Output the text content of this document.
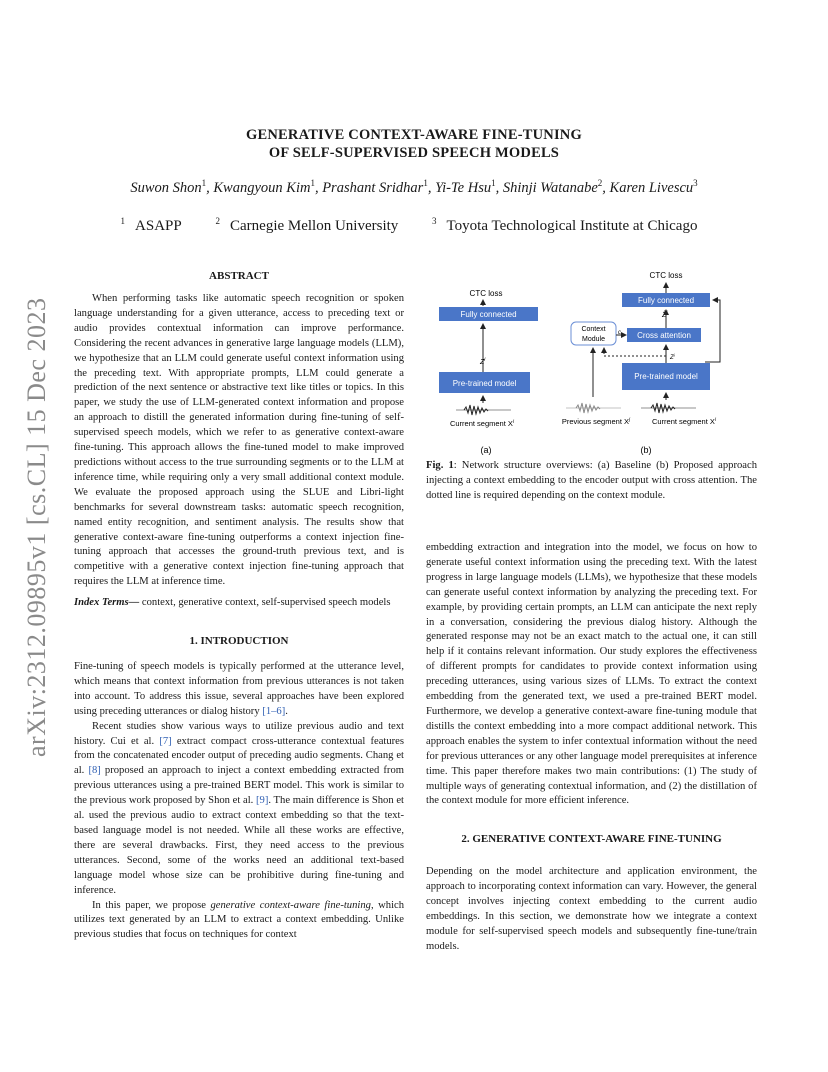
arXiv:2312.09895v1 [cs.CL] 15 Dec 2023
GENERATIVE CONTEXT-AWARE FINE-TUNING
OF SELF-SUPERVISED SPEECH MODELS
Suwon Shon$^1$, Kwangyoun Kim$^1$, Prashant Sridhar$^1$, Yi-Te Hsu$^1$, Shinji Watanabe$^2$, Karen Livescu$^3$
$^1$ ASAPP	$^2$ Carnegie Mellon University	$^3$ Toyota Technological Institute at Chicago
ABSTRACT

When performing tasks like automatic speech recognition or spoken language understanding for a given utterance, access to preceding text or audio provides contextual information can improve performance. Considering the recent advances in generative large language models (LLM), we hypothesize that an LLM could generate useful context information using the preceding text. With appropriate prompts, LLM could generate a prediction of the next sentence or abstractive text like titles or topics. In this paper, we study the use of LLM-generated context information and propose an approach to distill the generated information during fine-tuning of self-supervised speech models, which we refer to as generative context-aware fine-tuning. This approach allows the fine-tuned model to make improved predictions without access to the true surrounding segments or to the LLM at inference time, while requiring only a very small additional context module. We evaluate the proposed approach using the SLUE and Libri-light benchmarks for several downstream tasks: automatic speech recognition, named entity recognition, and sentiment analysis. The results show that generative context-aware fine-tuning outperforms a context injection fine-tuning approach that accesses the ground-truth previous text, and is competitive with a generative context injection fine-tuning approach that requires the LLM at inference time.

Index Terms— context, generative context, self-supervised speech models

1. INTRODUCTION

Fine-tuning of speech models is typically performed at the utterance level, which means that context information from previous utterances is not taken into account. To address this issue, several approaches have been explored using preceding utterances or dialog history [1–6].

Recent studies show various ways to utilize previous audio and text history. Cui et al. [7] extract compact cross-utterance contextual features from the concatenated encoder output of preceding audio segments. Chang et al. [8] proposed an approach to inject a context embedding extracted from previous utterances using a pre-trained BERT model. This work is similar to the previous work proposed by Shon et al. [9]. The main difference is Shon et al. used the previous audio to extract context embedding so that the text-based language model is not needed. While all these works are effective, there are several drawbacks. First, they need access to the previous utterances. Second, some of the works need an additional text-based language model whose size can be prohibitive during fine-tuning and inference.

In this paper, we propose generative context-aware fine-tuning, which utilizes text generated by an LLM to extract a context embedding. Unlike previous studies that focus on techniques for context

CTC loss
Fully connected
$Z^i$
Pre-trained model
Current segment $X^i$
(a)
CTC loss
Fully connected
Ẑ$^i$
Context
Module
c Cross attention
$Z^i$
Pre-trained model
Previous segment $X^j$	Current segment $X^i$
(b)
Fig. 1: Network structure overviews: (a) Baseline (b) Proposed approach injecting a context embedding to the encoder output with cross attention. The dotted line is required depending on the context module.

embedding extraction and integration into the model, we focus on how to generate useful context information using the preceding text. With the latest progress in large language models (LLMs), we hypothesize that these models can generate useful context information by analyzing the preceding text. For example, by providing certain prompts, an LLM can anticipate the next reply in a conversation, considering the previous dialog history. Although the generated response may not be an exact match to the actual one, it can still help if it contains relevant information. Our study explores the effectiveness of different prompts for candidates to provide context information using preceding utterances, using various sizes of LLMs. To extract the context embedding from the generated text, we used a pre-trained BERT model. Furthermore, we develop a generative context-aware fine-tuning module that distills the context embedding into a more compact additional network. This approach enables the system to infer contextual information without the need for previous utterances or any other language model prerequisites at inference time. This paper therefore makes two main contributions: (1) The study of multiple ways of generating contextual information, and (2) the distillation of the context module for more efficient inference.

2. GENERATIVE CONTEXT-AWARE FINE-TUNING

Depending on the model architecture and application environment, the approach to incorporating context information can vary. However, the general concept involves injecting context embedding to the current audio embeddings. In this section, we demonstrate how we integrate a context module for self-supervised speech models and subsequently fine-tune/train models.
